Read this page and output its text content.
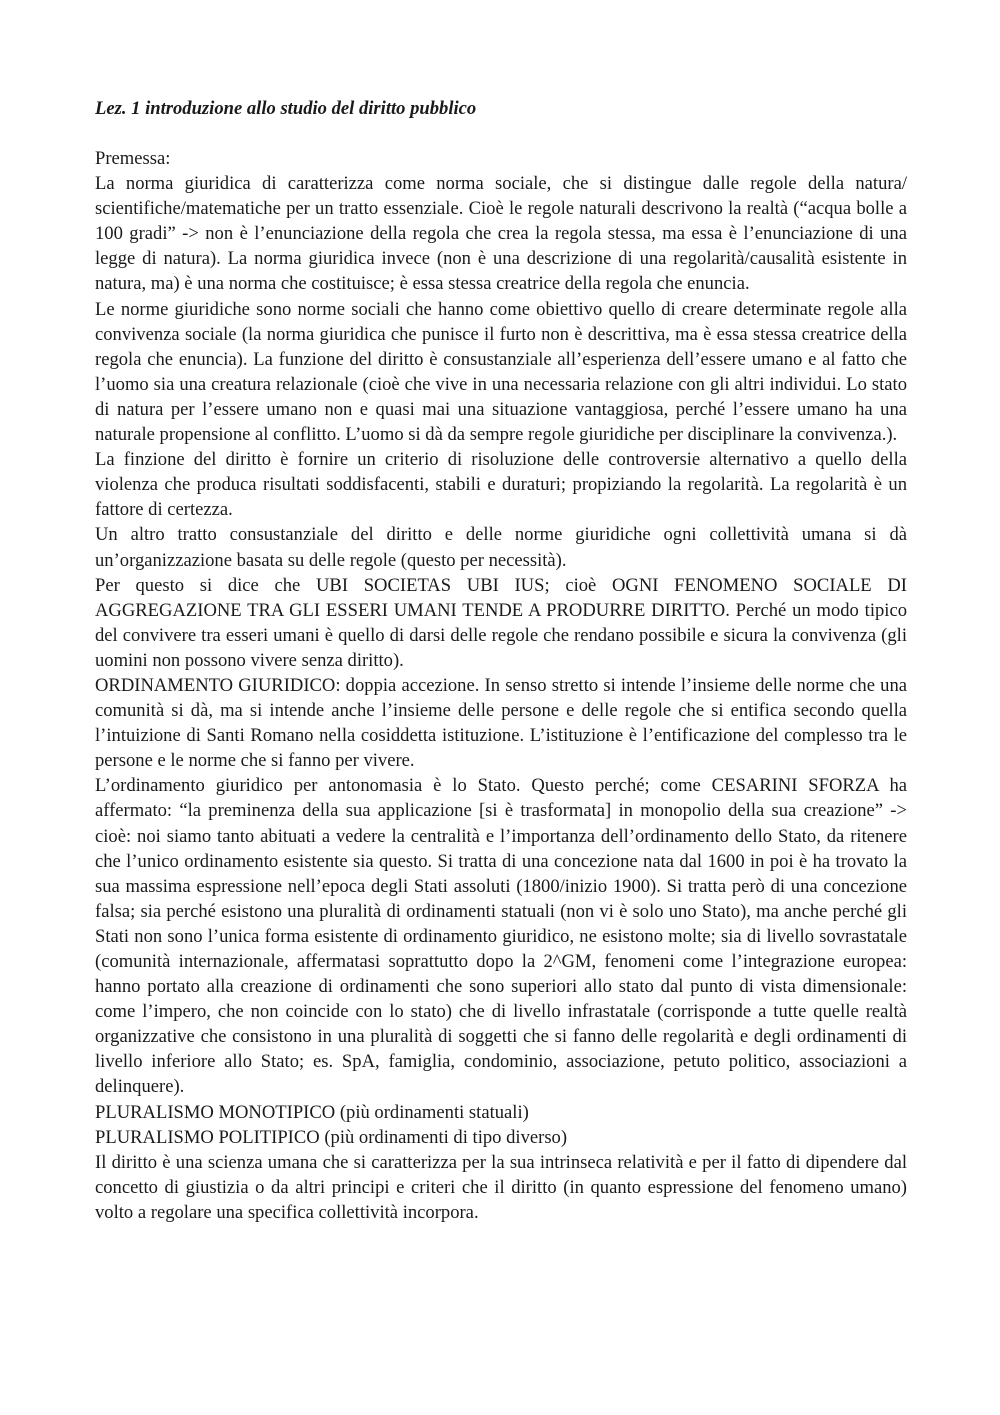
Lez. 1 introduzione allo studio del diritto pubblico

Premessa:

La norma giuridica di caratterizza come norma sociale, che si distingue dalle regole della natura/ scientifiche/matematiche per un tratto essenziale. Cioè le regole naturali descrivono la realtà (“acqua bolle a 100 gradi” -> non è l’enunciazione della regola che crea la regola stessa, ma essa è l’enunciazione di una legge di natura). La norma giuridica invece (non è una descrizione di una regolarità/causalità esistente in natura, ma) è una norma che costituisce; è essa stessa creatrice della regola che enuncia.

Le norme giuridiche sono norme sociali che hanno come obiettivo quello di creare determinate regole alla convivenza sociale (la norma giuridica che punisce il furto non è descrittiva, ma è essa stessa creatrice della regola che enuncia). La funzione del diritto è consustanziale all’esperienza dell’essere umano e al fatto che l’uomo sia una creatura relazionale (cioè che vive in una necessaria relazione con gli altri individui. Lo stato di natura per l’essere umano non e quasi mai una situazione vantaggiosa, perché l’essere umano ha una naturale propensione al conflitto. L’uomo si dà da sempre regole giuridiche per disciplinare la convivenza.).

La finzione del diritto è fornire un criterio di risoluzione delle controversie alternativo a quello della violenza che produca risultati soddisfacenti, stabili e duraturi; propiziando la regolarità. La regolarità è un fattore di certezza.

Un altro tratto consustanziale del diritto e delle norme giuridiche ogni collettività umana si dà un’organizzazione basata su delle regole (questo per necessità).

Per questo si dice che UBI SOCIETAS UBI IUS; cioè OGNI FENOMENO SOCIALE DI AGGREGAZIONE TRA GLI ESSERI UMANI TENDE A PRODURRE DIRITTO. Perché un modo tipico del convivere tra esseri umani è quello di darsi delle regole che rendano possibile e sicura la convivenza (gli uomini non possono vivere senza diritto).

ORDINAMENTO GIURIDICO: doppia accezione. In senso stretto si intende l’insieme delle norme che una comunità si dà, ma si intende anche l’insieme delle persone e delle regole che si entifica secondo quella l’intuizione di Santi Romano nella cosiddetta istituzione. L’istituzione è l’entificazione del complesso tra le persone e le norme che si fanno per vivere.

L’ordinamento giuridico per antonomasia è lo Stato. Questo perché; come CESARINI SFORZA ha affermato: “la preminenza della sua applicazione [si è trasformata] in monopolio della sua creazione” -> cioè: noi siamo tanto abituati a vedere la centralità e l’importanza dell’ordinamento dello Stato, da ritenere che l’unico ordinamento esistente sia questo. Si tratta di una concezione nata dal 1600 in poi è ha trovato la sua massima espressione nell’epoca degli Stati assoluti (1800/inizio 1900). Si tratta però di una concezione falsa; sia perché esistono una pluralità di ordinamenti statuali (non vi è solo uno Stato), ma anche perché gli Stati non sono l’unica forma esistente di ordinamento giuridico, ne esistono molte; sia di livello sovrastatale (comunità internazionale, affermatasi soprattutto dopo la 2^GM, fenomeni come l’integrazione europea: hanno portato alla creazione di ordinamenti che sono superiori allo stato dal punto di vista dimensionale: come l’impero, che non coincide con lo stato) che di livello infrastatale (corrisponde a tutte quelle realtà organizzative che consistono in una pluralità di soggetti che si fanno delle regolarità e degli ordinamenti di livello inferiore allo Stato; es. SpA, famiglia, condominio, associazione, petuto politico, associazioni a delinquere).

PLURALISMO MONOTIPICO (più ordinamenti statuali)

PLURALISMO POLITIPICO (più ordinamenti di tipo diverso)

Il diritto è una scienza umana che si caratterizza per la sua intrinseca relatività e per il fatto di dipendere dal concetto di giustizia o da altri principi e criteri che il diritto (in quanto espressione del fenomeno umano) volto a regolare una specifica collettività incorpora.
